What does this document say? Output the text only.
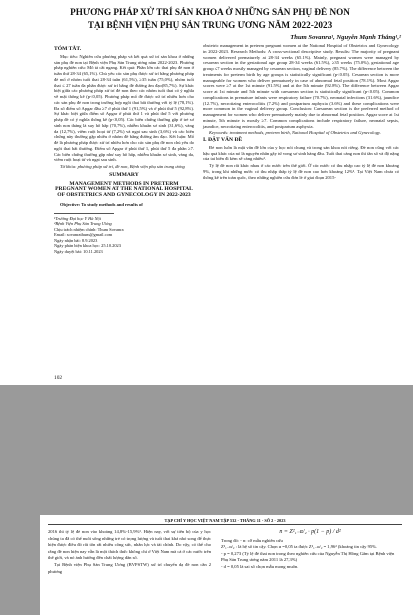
PHƯƠNG PHÁP XỬ TRÍ SẢN KHOA Ở NHỮNG SẢN PHỤ ĐẺ NON
TẠI BỆNH VIỆN PHỤ SẢN TRUNG ƯƠNG NĂM 2022-2023
Thum Sovanra¹, Nguyễn Mạnh Thắng¹,²
TÓM TẮT.

Mục tiêu: Nghiên cứu phương pháp và kết quả xử trí sản khoa ở những sản phụ đẻ non tại Bệnh viện Phụ Sản Trung ương năm 2022-2023. Phương pháp nghiên cứu: Mô tả cắt ngang. Kết quả: Phần lớn các thai phụ đẻ non ở tuần thứ 28-34 (65,1%). Chủ yếu các sản phụ được xử trí bằng phương pháp đẻ mổ ở nhóm tuổi thai 28-34 tuần (61,5%), ≥35 tuần (75,0%), nhóm tuổi thai ≤ 27 tuần đa phần được xử trí bằng đẻ đường âm đạo(85,7%). Sự khác biệt giữa các phương pháp xử trí đẻ non theo các nhóm tuổi thai có ý nghĩa về mặt thống kê (p<0,05). Phương pháp mổ đẻ được xử trí nhiều hơn cho các sản phụ đẻ non trong trường hợp ngôi thai bất thường với tỷ lệ (78,1%). Đa số điểm số Apgar đầu ≥7 ở phút thứ 1 (91,5%) và ở phút thứ 5 (92,8%). Sự khác biệt giữa điểm số Apgar ở phút thứ 1 và phút thứ 5 với phương pháp đẻ có ý nghĩa thống kê (p<0,05). Các biến chứng thường gặp ở trẻ sơ sinh non tháng là suy hô hấp (70,7%), nhiễm khuẩn sơ sinh (31,6%), vàng da (12,7%), viêm ruột hoại tử (7,2%) và ngạt sau sinh (3,6%) và các biến chứng này thường gặp nhiều ở nhóm đẻ bằng đường âm đạo. Kết luận: Mổ đẻ là phương pháp được xử trí nhiều hơn cho các sản phụ đẻ non chủ yếu do ngôi thai bất thường. Điểm số Apgar ở phút thứ 1, phút thứ 5 đa phần ≥7. Các biến chứng thường gặp như suy hô hấp, nhiễm khuẩn sơ sinh, vàng da, viêm ruột hoại tử và ngạt sau sinh.

Từ khóa: phương pháp xử trí, đẻ non, Bệnh viện phụ sản trung ương

SUMMARY
MANAGEMENT METHODS IN PRETERM PREGNANT WOMEN AT THE NATIONAL HOSPITAL OF OBSTETRICS AND GYNECOLOGY IN 2022-2023

Objective: To study methods and results of

¹Trường Đại học Y Hà Nội

²Bệnh Viện Phụ Sản Trung Ương

Chịu trách nhiệm chính: Thum Sovanra

Email: sovanrathum@gmail.com

Ngày nhận bài: 8.9.2023

Ngày phản biện khoa học: 25.10.2023

Ngày duyệt bài: 10.11.2023

obstetric management in preterm pregnant women at the National Hospital of Obstetrics and Gynecology in 2022-2023. Research Methods: A cross-sectional descriptive study. Results: The majority of pregnant women delivered prematurely at 28-34 weeks (65.1%). Mainly, pregnant women were managed by cesarean section in the gestational age group 28-34 weeks (61.5%), ≥35 weeks (75.0%), gestational age group ≤7 weeks mostly managed by cesarean section, vaginal delivery (85.7%). The difference between the treatments for preterm birth by age groups is statistically significant (p<0.05). Cesarean section is more manageable for women who deliver prematurely in case of abnormal fetal position (78.1%). Most Apgar scores were ≥7 at the 1st minute (91.5%) and at the 5th minute (92.8%). The difference between Apgar score at 1st minute and 5th minute with caesarean section is statistically significant (p<0.05). Common complications in premature infants were respiratory failure (70.7%), neonatal infections (31.6%), jaundice (12.7%), necrotizing enterocolitis (7.2%) and postpartum asphyxia (3.6%) and these complications were more common in the vaginal delivery group. Conclusion: Caesarean section is the preferred method of management for women who deliver prematurely mainly due to abnormal fetal position. Apgar score at 1st minute, 5th minute is mostly ≥7. Common complications include respiratory failure, neonatal sepsis, jaundice, necrotizing enterocolitis, and postpartum asphyxia.

Keywords: treatment methods, preterm birth, National Hospital of Obstetrics and Gynecology.

I. ĐẶT VẤN ĐỀ

Đẻ non luôn là mặt vấn đề lớn của y học nói chung và trong sản khoa nói riêng. Đẻ non cũng với các hậu quả khác của nó là nguyên nhân gây tử vong sơ sinh hàng đầu. Tuổi thai càng non thì tần số và độ nặng của tai biến đi kèm sẽ càng nhiều¹.

Tỷ lệ đẻ non rất khác nhau ở các nước trên thế giới. Ở các nước có thu nhập cao tỷ lệ đẻ non khoảng 9%, trong khi những nước có thu nhập thấp tỷ lệ đẻ non cao hơn khoảng 12%². Tại Việt Nam chưa có thống kê trên toàn quốc, theo những nghiên cứu đơn lẻ ở giai đoạn 2015-

102
TẠP CHÍ Y HỌC VIỆT NAM TẬP 532 - THÁNG 11 - SỐ 2 - 2023

2016 thì tỷ lệ đẻ non vào khoảng 14,8%-15,9%³. Hiện nay, với sự tiến bộ của y học chúng ta đã có thể nuôi sống những trẻ có trọng lượng và tuổi thai khá nhỏ song để thực hiện được điều đó rất tốn rất nhiều công sức, nhân lực và tài chính. Do vậy, có thể cho rằng đẻ non hiện nay vẫn là một thách thức không chỉ ở Việt Nam mà cả ở các nước trên thế giới, và nó ảnh hưởng đến chất lượng dân số.

Tại Bệnh viện Phụ Sản Trung Ương (BVPSTW) xử trí chuyển dạ đẻ non cần 2 phương

n = Z²₁₋α/₂ · p(1 − p) / d²

Trong đó: - n: cỡ mẫu nghiên cứu

Z²₁₋α/₂ : là hệ số tin cậy. Chọn α =0,05 ta được Z²₁₋α/₂ = 1,96² (khoảng tin cậy 95%.

- p = 0,273 (Tỷ lệ đẻ thai non trong theo nghiên cứu của Nguyễn Thị Hồng Gấm tại Bệnh viện Phụ Sản Trung ương năm 2011 là 27,3%)

- d = 0,05 là sai số chọn mẫu mong muốn.
